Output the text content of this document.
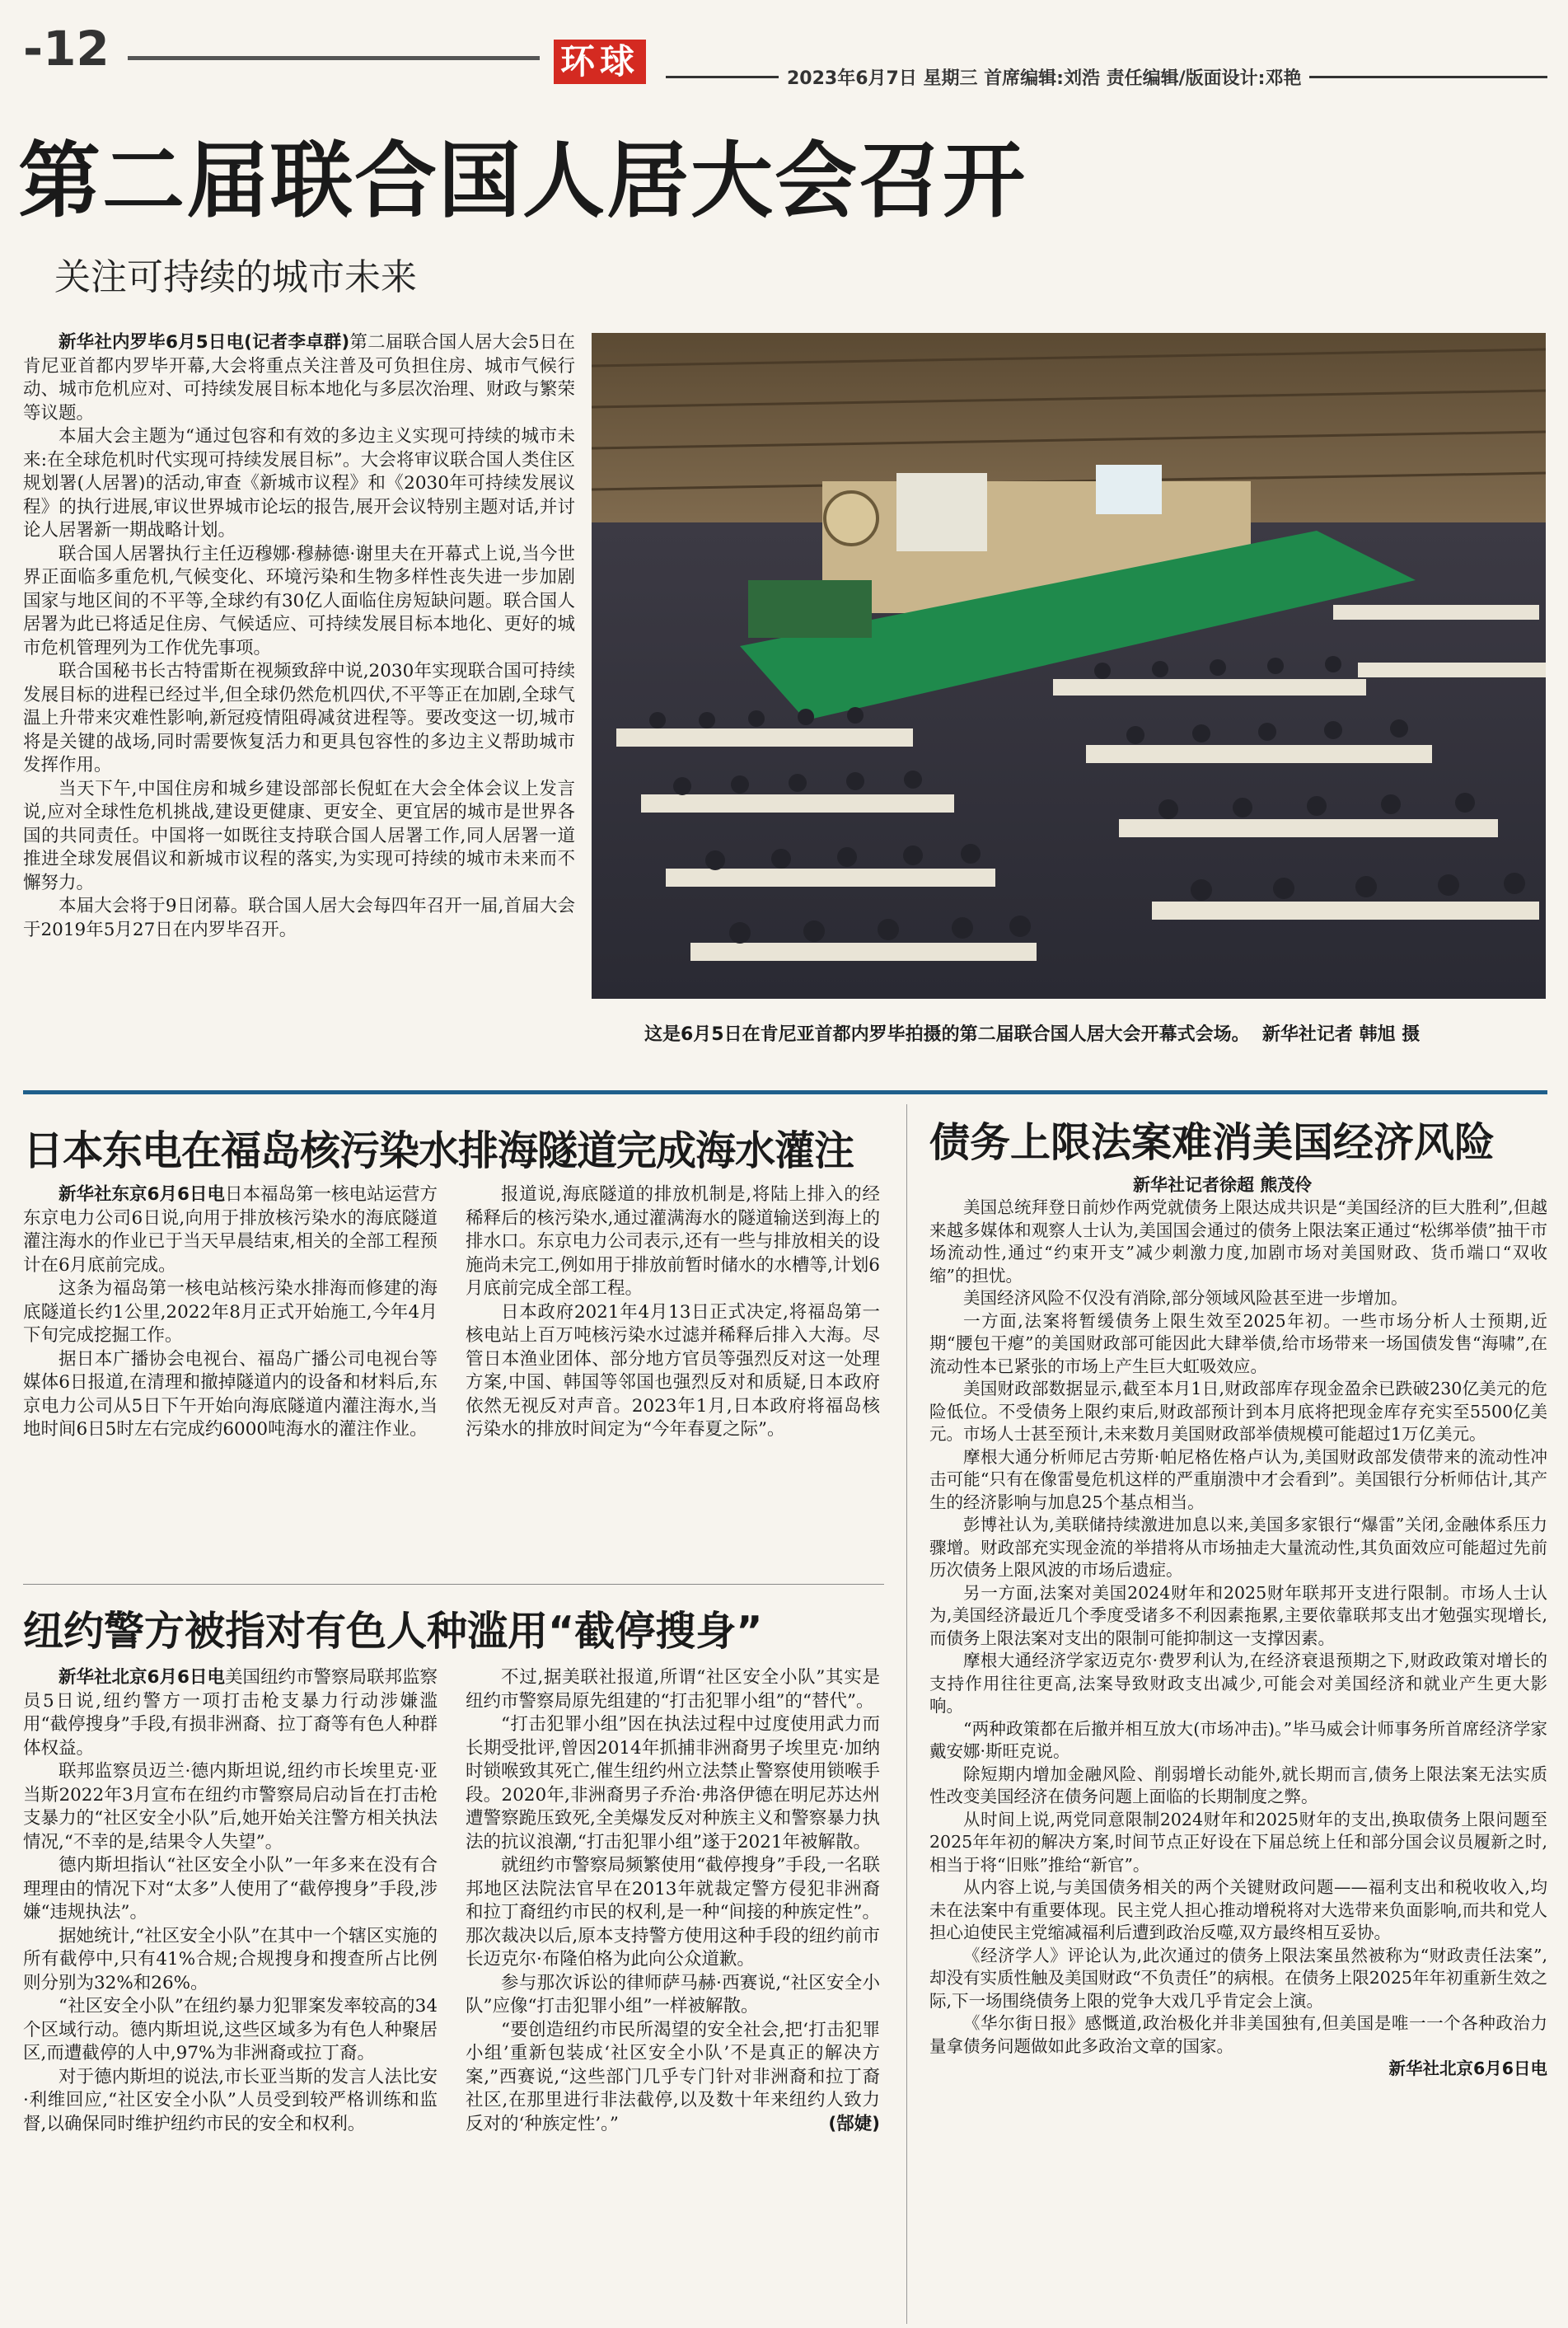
-12	环球	2023年6月7日 星期三 首席编辑:刘浩 责任编辑/版面设计:邓艳
第二届联合国人居大会召开
关注可持续的城市未来

新华社内罗毕6月5日电(记者李卓群)第二届联合国人居大会5日在肯尼亚首都内罗毕开幕,大会将重点关注普及可负担住房、城市气候行动、城市危机应对、可持续发展目标本地化与多层次治理、财政与繁荣等议题。

本届大会主题为“通过包容和有效的多边主义实现可持续的城市未来:在全球危机时代实现可持续发展目标”。大会将审议联合国人类住区规划署(人居署)的活动,审查《新城市议程》和《2030年可持续发展议程》的执行进展,审议世界城市论坛的报告,展开会议特别主题对话,并讨论人居署新一期战略计划。

联合国人居署执行主任迈穆娜·穆赫德·谢里夫在开幕式上说,当今世界正面临多重危机,气候变化、环境污染和生物多样性丧失进一步加剧国家与地区间的不平等,全球约有30亿人面临住房短缺问题。联合国人居署为此已将适足住房、气候适应、可持续发展目标本地化、更好的城市危机管理列为工作优先事项。

联合国秘书长古特雷斯在视频致辞中说,2030年实现联合国可持续发展目标的进程已经过半,但全球仍然危机四伏,不平等正在加剧,全球气温上升带来灾难性影响,新冠疫情阻碍减贫进程等。要改变这一切,城市将是关键的战场,同时需要恢复活力和更具包容性的多边主义帮助城市发挥作用。

当天下午,中国住房和城乡建设部部长倪虹在大会全体会议上发言说,应对全球性危机挑战,建设更健康、更安全、更宜居的城市是世界各国的共同责任。中国将一如既往支持联合国人居署工作,同人居署一道推进全球发展倡议和新城市议程的落实,为实现可持续的城市未来而不懈努力。

本届大会将于9日闭幕。联合国人居大会每四年召开一届,首届大会于2019年5月27日在内罗毕召开。

这是6月5日在肯尼亚首都内罗毕拍摄的第二届联合国人居大会开幕式会场。  新华社记者 韩旭 摄
日本东电在福岛核污染水排海隧道完成海水灌注

新华社东京6月6日电日本福岛第一核电站运营方东京电力公司6日说,向用于排放核污染水的海底隧道灌注海水的作业已于当天早晨结束,相关的全部工程预计在6月底前完成。

这条为福岛第一核电站核污染水排海而修建的海底隧道长约1公里,2022年8月正式开始施工,今年4月下旬完成挖掘工作。

据日本广播协会电视台、福岛广播公司电视台等媒体6日报道,在清理和撤掉隧道内的设备和材料后,东京电力公司从5日下午开始向海底隧道内灌注海水,当地时间6日5时左右完成约6000吨海水的灌注作业。

报道说,海底隧道的排放机制是,将陆上排入的经稀释后的核污染水,通过灌满海水的隧道输送到海上的排水口。东京电力公司表示,还有一些与排放相关的设施尚未完工,例如用于排放前暂时储水的水槽等,计划6月底前完成全部工程。

日本政府2021年4月13日正式决定,将福岛第一核电站上百万吨核污染水过滤并稀释后排入大海。尽管日本渔业团体、部分地方官员等强烈反对这一处理方案,中国、韩国等邻国也强烈反对和质疑,日本政府依然无视反对声音。2023年1月,日本政府将福岛核污染水的排放时间定为“今年春夏之际”。

纽约警方被指对有色人种滥用“截停搜身”

新华社北京6月6日电美国纽约市警察局联邦监察员5日说,纽约警方一项打击枪支暴力行动涉嫌滥用“截停搜身”手段,有损非洲裔、拉丁裔等有色人种群体权益。

联邦监察员迈兰·德内斯坦说,纽约市长埃里克·亚当斯2022年3月宣布在纽约市警察局启动旨在打击枪支暴力的“社区安全小队”后,她开始关注警方相关执法情况,“不幸的是,结果令人失望”。

德内斯坦指认“社区安全小队”一年多来在没有合理理由的情况下对“太多”人使用了“截停搜身”手段,涉嫌“违规执法”。

据她统计,“社区安全小队”在其中一个辖区实施的所有截停中,只有41%合规;合规搜身和搜查所占比例则分别为32%和26%。

“社区安全小队”在纽约暴力犯罪案发率较高的34个区域行动。德内斯坦说,这些区域多为有色人种聚居区,而遭截停的人中,97%为非洲裔或拉丁裔。

对于德内斯坦的说法,市长亚当斯的发言人法比安·利维回应,“社区安全小队”人员受到较严格训练和监督,以确保同时维护纽约市民的安全和权利。

不过,据美联社报道,所谓“社区安全小队”其实是纽约市警察局原先组建的“打击犯罪小组”的“替代”。

“打击犯罪小组”因在执法过程中过度使用武力而长期受批评,曾因2014年抓捕非洲裔男子埃里克·加纳时锁喉致其死亡,催生纽约州立法禁止警察使用锁喉手段。2020年,非洲裔男子乔治·弗洛伊德在明尼苏达州遭警察跪压致死,全美爆发反对种族主义和警察暴力执法的抗议浪潮,“打击犯罪小组”遂于2021年被解散。

就纽约市警察局频繁使用“截停搜身”手段,一名联邦地区法院法官早在2013年就裁定警方侵犯非洲裔和拉丁裔纽约市民的权利,是一种“间接的种族定性”。那次裁决以后,原本支持警方使用这种手段的纽约前市长迈克尔·布隆伯格为此向公众道歉。

参与那次诉讼的律师萨马赫·西赛说,“社区安全小队”应像“打击犯罪小组”一样被解散。

“要创造纽约市民所渴望的安全社会,把‘打击犯罪小组’重新包装成‘社区安全小队’不是真正的解决方案,”西赛说,“这些部门几乎专门针对非洲裔和拉丁裔社区,在那里进行非法截停,以及数十年来纽约人致力反对的‘种族定性’。”	(郜婕)

债务上限法案难消美国经济风险
新华社记者徐超 熊茂伶

美国总统拜登日前炒作两党就债务上限达成共识是“美国经济的巨大胜利”,但越来越多媒体和观察人士认为,美国国会通过的债务上限法案正通过“松绑举债”抽干市场流动性,通过“约束开支”减少刺激力度,加剧市场对美国财政、货币端口“双收缩”的担忧。

美国经济风险不仅没有消除,部分领域风险甚至进一步增加。

一方面,法案将暂缓债务上限生效至2025年初。一些市场分析人士预期,近期“腰包干瘪”的美国财政部可能因此大肆举债,给市场带来一场国债发售“海啸”,在流动性本已紧张的市场上产生巨大虹吸效应。

美国财政部数据显示,截至本月1日,财政部库存现金盈余已跌破230亿美元的危险低位。不受债务上限约束后,财政部预计到本月底将把现金库存充实至5500亿美元。市场人士甚至预计,未来数月美国财政部举债规模可能超过1万亿美元。

摩根大通分析师尼古劳斯·帕尼格佐格卢认为,美国财政部发债带来的流动性冲击可能“只有在像雷曼危机这样的严重崩溃中才会看到”。美国银行分析师估计,其产生的经济影响与加息25个基点相当。

彭博社认为,美联储持续激进加息以来,美国多家银行“爆雷”关闭,金融体系压力骤增。财政部充实现金流的举措将从市场抽走大量流动性,其负面效应可能超过先前历次债务上限风波的市场后遗症。

另一方面,法案对美国2024财年和2025财年联邦开支进行限制。市场人士认为,美国经济最近几个季度受诸多不利因素拖累,主要依靠联邦支出才勉强实现增长,而债务上限法案对支出的限制可能抑制这一支撑因素。

摩根大通经济学家迈克尔·费罗利认为,在经济衰退预期之下,财政政策对增长的支持作用往往更高,法案导致财政支出减少,可能会对美国经济和就业产生更大影响。

“两种政策都在后撤并相互放大(市场冲击)。”毕马威会计师事务所首席经济学家戴安娜·斯旺克说。

除短期内增加金融风险、削弱增长动能外,就长期而言,债务上限法案无法实质性改变美国经济在债务问题上面临的长期制度之弊。

从时间上说,两党同意限制2024财年和2025财年的支出,换取债务上限问题至2025年年初的解决方案,时间节点正好设在下届总统上任和部分国会议员履新之时,相当于将“旧账”推给“新官”。

从内容上说,与美国债务相关的两个关键财政问题——福利支出和税收收入,均未在法案中有重要体现。民主党人担心推动增税将对大选带来负面影响,而共和党人担心迫使民主党缩减福利后遭到政治反噬,双方最终相互妥协。

《经济学人》评论认为,此次通过的债务上限法案虽然被称为“财政责任法案”,却没有实质性触及美国财政“不负责任”的病根。在债务上限2025年年初重新生效之际,下一场围绕债务上限的党争大戏几乎肯定会上演。

《华尔街日报》感慨道,政治极化并非美国独有,但美国是唯一一个各种政治力量拿债务问题做如此多政治文章的国家。

新华社北京6月6日电
